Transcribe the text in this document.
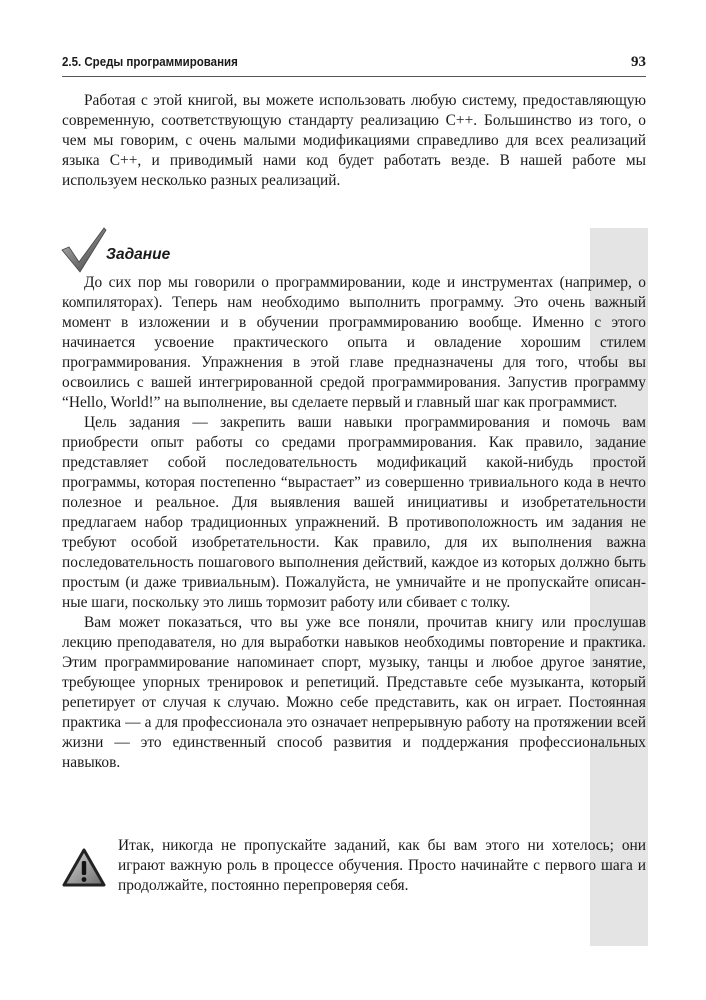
2.5. Среды программирования	93

Работая с этой книгой, вы можете использовать любую систему, предоставляющую современную, соответствующую стандарту реализацию C++. Большинство из того, о чем мы говорим, с очень малыми модификациями справедливо для всех реализаций языка C++, и приводимый нами код будет работать везде. В нашей работе мы используем несколько разных реализаций.

Задание

До сих пор мы говорили о программировании, коде и инструментах (например, о компиляторах). Теперь нам необходимо выполнить программу. Это очень важный момент в изложении и в обучении программированию вообще. Именно с этого начинается усвоение практического опыта и овладение хорошим стилем программирования. Упражнения в этой главе предназначены для того, чтобы вы освоились с вашей интегрированной средой программирования. Запустив программу “Hello, World!” на выполнение, вы сделаете первый и главный шаг как программист.

Цель задания — закрепить ваши навыки программирования и помочь вам приобрести опыт работы со средами программирования. Как правило, задание представляет собой последовательность модификаций какой-нибудь простой программы, которая постепенно “вырастает” из совершенно тривиального кода в нечто полезное и реальное. Для выявления вашей инициативы и изобретательности предлагаем набор традиционных упражнений. В противоположность им задания не требуют особой изобретательности. Как правило, для их выполнения важна последовательность пошагового выполнения действий, каждое из которых должно быть простым (и даже тривиальным). Пожалуйста, не умничайте и не пропускайте описанные шаги, поскольку это лишь тормозит работу или сбивает с толку.

Вам может показаться, что вы уже все поняли, прочитав книгу или прослушав лекцию преподавателя, но для выработки навыков необходимы повторение и практика. Этим программирование напоминает спорт, музыку, танцы и любое другое занятие, требующее упорных тренировок и репетиций. Представьте себе музыканта, который репетирует от случая к случаю. Можно себе представить, как он играет. Постоянная практика — а для профессионала это означает непрерывную работу на протяжении всей жизни — это единственный способ развития и поддержания профессиональных навыков.

Итак, никогда не пропускайте заданий, как бы вам этого ни хотелось; они играют важную роль в процессе обучения. Просто начинайте с первого шага и продолжайте, постоянно перепроверяя себя.
